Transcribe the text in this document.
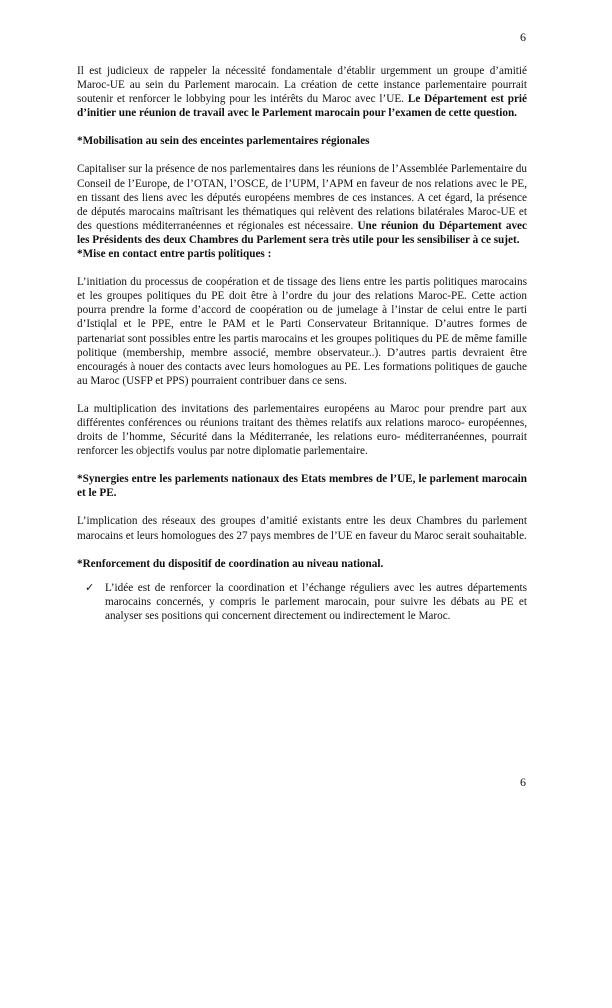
6

Il est judicieux de rappeler la nécessité fondamentale d’établir urgemment un groupe d’amitié Maroc-UE au sein du Parlement marocain. La création de cette instance parlementaire pourrait soutenir et renforcer le lobbying pour les intérêts du Maroc avec l’UE. Le Département est prié d’initier une réunion de travail avec le Parlement marocain pour l’examen de cette question.

*Mobilisation au sein des enceintes parlementaires régionales

Capitaliser sur la présence de nos parlementaires dans les réunions de l’Assemblée Parlementaire du Conseil de l’Europe, de l’OTAN, l’OSCE, de l’UPM, l’APM en faveur de nos relations avec le PE, en tissant des liens avec les députés européens membres de ces instances. A cet égard, la présence de députés marocains maîtrisant les thématiques qui relèvent des relations bilatérales Maroc-UE et des questions méditerranéennes et régionales est nécessaire. Une réunion du Département avec les Présidents des deux Chambres du Parlement sera très utile pour les sensibiliser à ce sujet.

*Mise en contact entre partis politiques :

L’initiation du processus de coopération et de tissage des liens entre les partis politiques marocains et les groupes politiques du PE doit être à l’ordre du jour des relations Maroc-PE. Cette action pourra prendre la forme d’accord de coopération ou de jumelage à l’instar de celui entre le parti d’Istiqlal et le PPE, entre le PAM et le Parti Conservateur Britannique. D’autres formes de partenariat sont possibles entre les partis marocains et les groupes politiques du PE de même famille politique (membership, membre associé, membre observateur..). D’autres partis devraient être encouragés à nouer des contacts avec leurs homologues au PE. Les formations politiques de gauche au Maroc (USFP et PPS) pourraient contribuer dans ce sens.

La multiplication des invitations des parlementaires européens au Maroc pour prendre part aux différentes conférences ou réunions traitant des thèmes relatifs aux relations maroco- européennes, droits de l’homme, Sécurité dans la Méditerranée, les relations euro- méditerranéennes, pourrait renforcer les objectifs voulus par notre diplomatie parlementaire.

*Synergies entre les parlements nationaux des Etats membres de l’UE, le parlement marocain et le PE.

L’implication des réseaux des groupes d’amitié existants entre les deux Chambres du parlement marocains et leurs homologues des 27 pays membres de l’UE en faveur du Maroc serait souhaitable.

*Renforcement du dispositif de coordination au niveau national.

✓ L’idée est de renforcer la coordination et l’échange réguliers avec les autres départements marocains concernés, y compris le parlement marocain, pour suivre les débats au PE et analyser ses positions qui concernent directement ou indirectement le Maroc.
6
